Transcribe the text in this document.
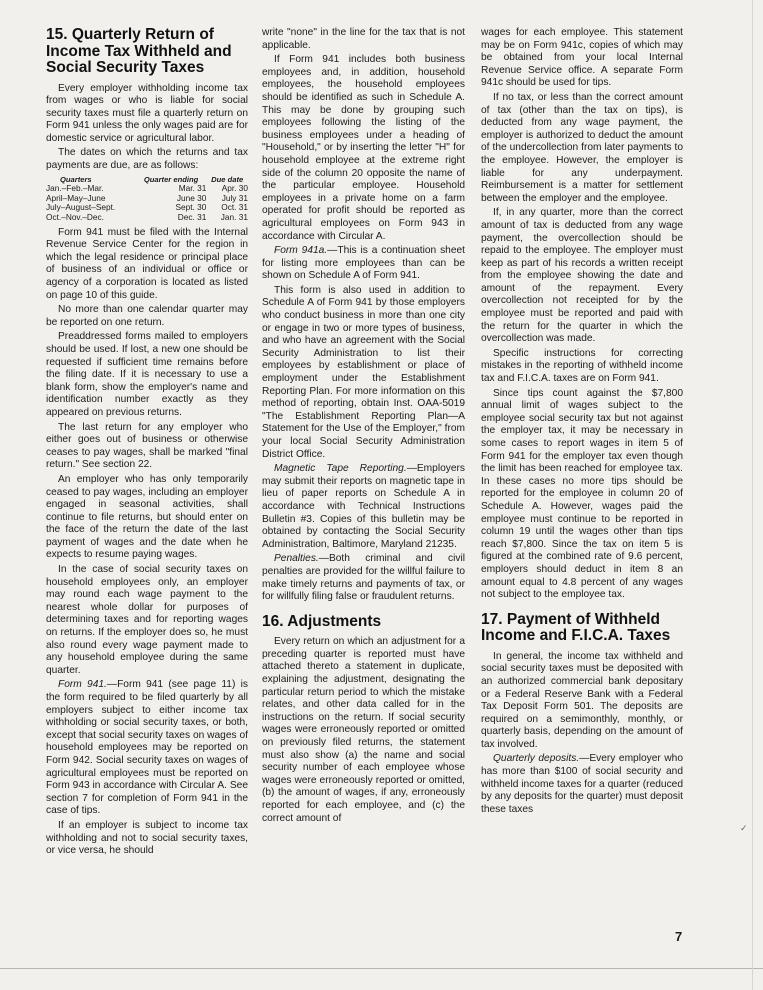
15. Quarterly Return of Income Tax Withheld and Social Security Taxes

Every employer withholding income tax from wages or who is liable for social security taxes must file a quarterly return on Form 941 unless the only wages paid are for domestic service or agricultural labor.

The dates on which the returns and tax payments are due, are as follows:

Quarters	Quarter ending	Due date
Jan.–Feb.–Mar.	Mar. 31	Apr. 30
April–May–June	June 30	July 31
July–August–Sept.	Sept. 30	Oct. 31
Oct.–Nov.–Dec.	Dec. 31	Jan. 31

Form 941 must be filed with the Internal Revenue Service Center for the region in which the legal residence or principal place of business of an individual or office or agency of a corporation is located as listed on page 10 of this guide.

No more than one calendar quarter may be reported on one return.

Preaddressed forms mailed to employers should be used. If lost, a new one should be requested if sufficient time remains before the filing date. If it is necessary to use a blank form, show the employer's name and identification number exactly as they appeared on previous returns.

The last return for any employer who either goes out of business or otherwise ceases to pay wages, shall be marked "final return." See section 22.

An employer who has only temporarily ceased to pay wages, including an employer engaged in seasonal activities, shall continue to file returns, but should enter on the face of the return the date of the last payment of wages and the date when he expects to resume paying wages.

In the case of social security taxes on household employees only, an employer may round each wage payment to the nearest whole dollar for purposes of determining taxes and for reporting wages on returns. If the employer does so, he must also round every wage payment made to any household employee during the same quarter.

Form 941.—Form 941 (see page 11) is the form required to be filed quarterly by all employers subject to either income tax withholding or social security taxes, or both, except that social security taxes on wages of household employees may be reported on Form 942. Social security taxes on wages of agricultural employees must be reported on Form 943 in accordance with Circular A. See section 7 for completion of Form 941 in the case of tips.

If an employer is subject to income tax withholding and not to social security taxes, or vice versa, he should

write "none" in the line for the tax that is not applicable.

If Form 941 includes both business employees and, in addition, household employees, the household employees should be identified as such in Schedule A. This may be done by grouping such employees following the listing of the business employees under a heading of "Household," or by inserting the letter "H" for household employee at the extreme right side of the column 20 opposite the name of the particular employee. Household employees in a private home on a farm operated for profit should be reported as agricultural employees on Form 943 in accordance with Circular A.

Form 941a.—This is a continuation sheet for listing more employees than can be shown on Schedule A of Form 941.

This form is also used in addition to Schedule A of Form 941 by those employers who conduct business in more than one city or engage in two or more types of business, and who have an agreement with the Social Security Administration to list their employees by establishment or place of employment under the Establishment Reporting Plan. For more information on this method of reporting, obtain Inst. OAA-5019 "The Establishment Reporting Plan—A Statement for the Use of the Employer," from your local Social Security Administration District Office.

Magnetic Tape Reporting.—Employers may submit their reports on magnetic tape in lieu of paper reports on Schedule A in accordance with Technical Instructions Bulletin #3. Copies of this bulletin may be obtained by contacting the Social Security Administration, Baltimore, Maryland 21235.

Penalties.—Both criminal and civil penalties are provided for the willful failure to make timely returns and payments of tax, or for willfully filing false or fraudulent returns.

16. Adjustments

Every return on which an adjustment for a preceding quarter is reported must have attached thereto a statement in duplicate, explaining the adjustment, designating the particular return period to which the mistake relates, and other data called for in the instructions on the return. If social security wages were erroneously reported or omitted on previously filed returns, the statement must also show (a) the name and social security number of each employee whose wages were erroneously reported or omitted, (b) the amount of wages, if any, erroneously reported for each employee, and (c) the correct amount of

wages for each employee. This statement may be on Form 941c, copies of which may be obtained from your local Internal Revenue Service office. A separate Form 941c should be used for tips.

If no tax, or less than the correct amount of tax (other than the tax on tips), is deducted from any wage payment, the employer is authorized to deduct the amount of the undercollection from later payments to the employee. However, the employer is liable for any underpayment. Reimbursement is a matter for settlement between the employer and the employee.

If, in any quarter, more than the correct amount of tax is deducted from any wage payment, the overcollection should be repaid to the employee. The employer must keep as part of his records a written receipt from the employee showing the date and amount of the repayment. Every overcollection not receipted for by the employee must be reported and paid with the return for the quarter in which the overcollection was made.

Specific instructions for correcting mistakes in the reporting of withheld income tax and F.I.C.A. taxes are on Form 941.

Since tips count against the $7,800 annual limit of wages subject to the employee social security tax but not against the employer tax, it may be necessary in some cases to report wages in item 5 of Form 941 for the employer tax even though the limit has been reached for employee tax. In these cases no more tips should be reported for the employee in column 20 of Schedule A. However, wages paid the employee must continue to be reported in column 19 until the wages other than tips reach $7,800. Since the tax on item 5 is figured at the combined rate of 9.6 percent, employers should deduct in item 8 an amount equal to 4.8 percent of any wages not subject to the employee tax.

17. Payment of Withheld Income and F.I.C.A. Taxes

In general, the income tax withheld and social security taxes must be deposited with an authorized commercial bank depositary or a Federal Reserve Bank with a Federal Tax Deposit Form 501. The deposits are required on a semimonthly, monthly, or quarterly basis, depending on the amount of tax involved.

Quarterly deposits.—Every employer who has more than $100 of social security and withheld income taxes for a quarter (reduced by any deposits for the quarter) must deposit these taxes

✓
7
